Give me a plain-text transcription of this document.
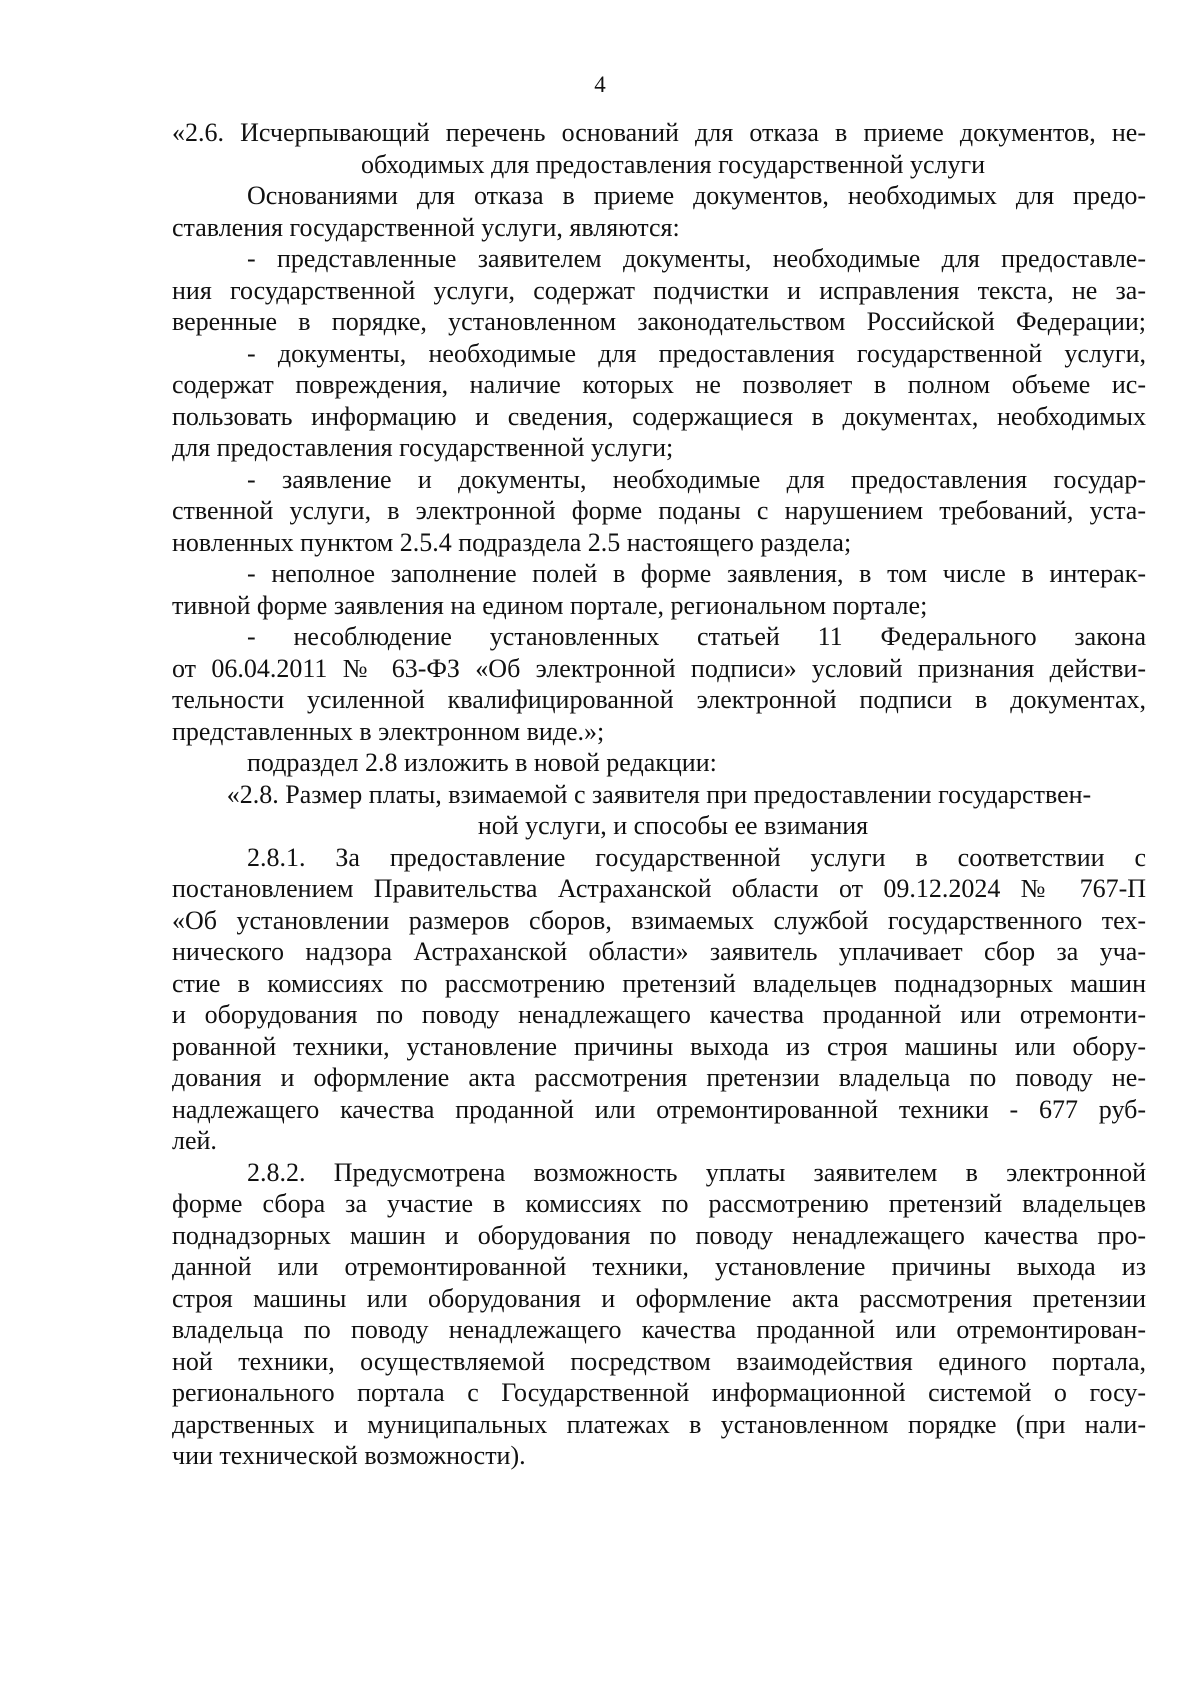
4
«2.6. Исчерпывающий перечень оснований для отказа в приеме документов, не-
обходимых для предоставления государственной услуги
Основаниями для отказа в приеме документов, необходимых для предо-
ставления государственной услуги, являются:
- представленные заявителем документы, необходимые для предоставле-
ния государственной услуги, содержат подчистки и исправления текста, не за-
веренные в порядке, установленном законодательством Российской Федерации;
- документы, необходимые для предоставления государственной услуги,
содержат повреждения, наличие которых не позволяет в полном объеме ис-
пользовать информацию и сведения, содержащиеся в документах, необходимых
для предоставления государственной услуги;
- заявление и документы, необходимые для предоставления государ-
ственной услуги, в электронной форме поданы с нарушением требований, уста-
новленных пунктом 2.5.4 подраздела 2.5 настоящего раздела;
- неполное заполнение полей в форме заявления, в том числе в интерак-
тивной форме заявления на едином портале, региональном портале;
- несоблюдение установленных статьей 11 Федерального закона
от 06.04.2011 № 63-ФЗ «Об электронной подписи» условий признания действи-
тельности усиленной квалифицированной электронной подписи в документах,
представленных в электронном виде.»;
подраздел 2.8 изложить в новой редакции:
«2.8. Размер платы, взимаемой с заявителя при предоставлении государствен-
ной услуги, и способы ее взимания
2.8.1. За предоставление государственной услуги в соответствии с
постановлением Правительства Астраханской области от 09.12.2024 № 767-П
«Об установлении размеров сборов, взимаемых службой государственного тех-
нического надзора Астраханской области» заявитель уплачивает сбор за уча-
стие в комиссиях по рассмотрению претензий владельцев поднадзорных машин
и оборудования по поводу ненадлежащего качества проданной или отремонти-
рованной техники, установление причины выхода из строя машины или обору-
дования и оформление акта рассмотрения претензии владельца по поводу не-
надлежащего качества проданной или отремонтированной техники - 677 руб-
лей.
2.8.2. Предусмотрена возможность уплаты заявителем в электронной
форме сбора за участие в комиссиях по рассмотрению претензий владельцев
поднадзорных машин и оборудования по поводу ненадлежащего качества про-
данной или отремонтированной техники, установление причины выхода из
строя машины или оборудования и оформление акта рассмотрения претензии
владельца по поводу ненадлежащего качества проданной или отремонтирован-
ной техники, осуществляемой посредством взаимодействия единого портала,
регионального портала с Государственной информационной системой о госу-
дарственных и муниципальных платежах в установленном порядке (при нали-
чии технической возможности).
